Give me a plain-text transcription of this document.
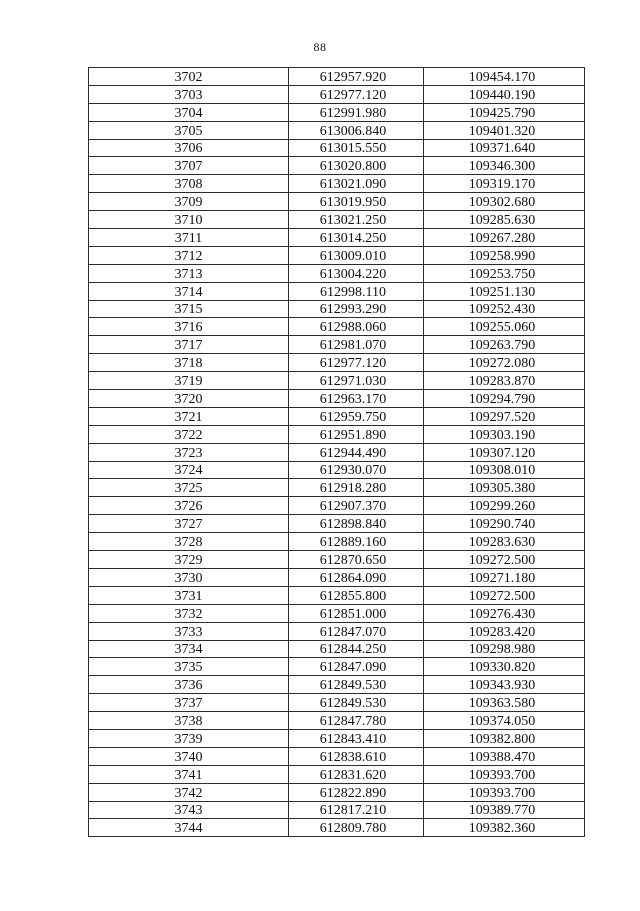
88
3702	612957.920	109454.170
3703	612977.120	109440.190
3704	612991.980	109425.790
3705	613006.840	109401.320
3706	613015.550	109371.640
3707	613020.800	109346.300
3708	613021.090	109319.170
3709	613019.950	109302.680
3710	613021.250	109285.630
3711	613014.250	109267.280
3712	613009.010	109258.990
3713	613004.220	109253.750
3714	612998.110	109251.130
3715	612993.290	109252.430
3716	612988.060	109255.060
3717	612981.070	109263.790
3718	612977.120	109272.080
3719	612971.030	109283.870
3720	612963.170	109294.790
3721	612959.750	109297.520
3722	612951.890	109303.190
3723	612944.490	109307.120
3724	612930.070	109308.010
3725	612918.280	109305.380
3726	612907.370	109299.260
3727	612898.840	109290.740
3728	612889.160	109283.630
3729	612870.650	109272.500
3730	612864.090	109271.180
3731	612855.800	109272.500
3732	612851.000	109276.430
3733	612847.070	109283.420
3734	612844.250	109298.980
3735	612847.090	109330.820
3736	612849.530	109343.930
3737	612849.530	109363.580
3738	612847.780	109374.050
3739	612843.410	109382.800
3740	612838.610	109388.470
3741	612831.620	109393.700
3742	612822.890	109393.700
3743	612817.210	109389.770
3744	612809.780	109382.360
